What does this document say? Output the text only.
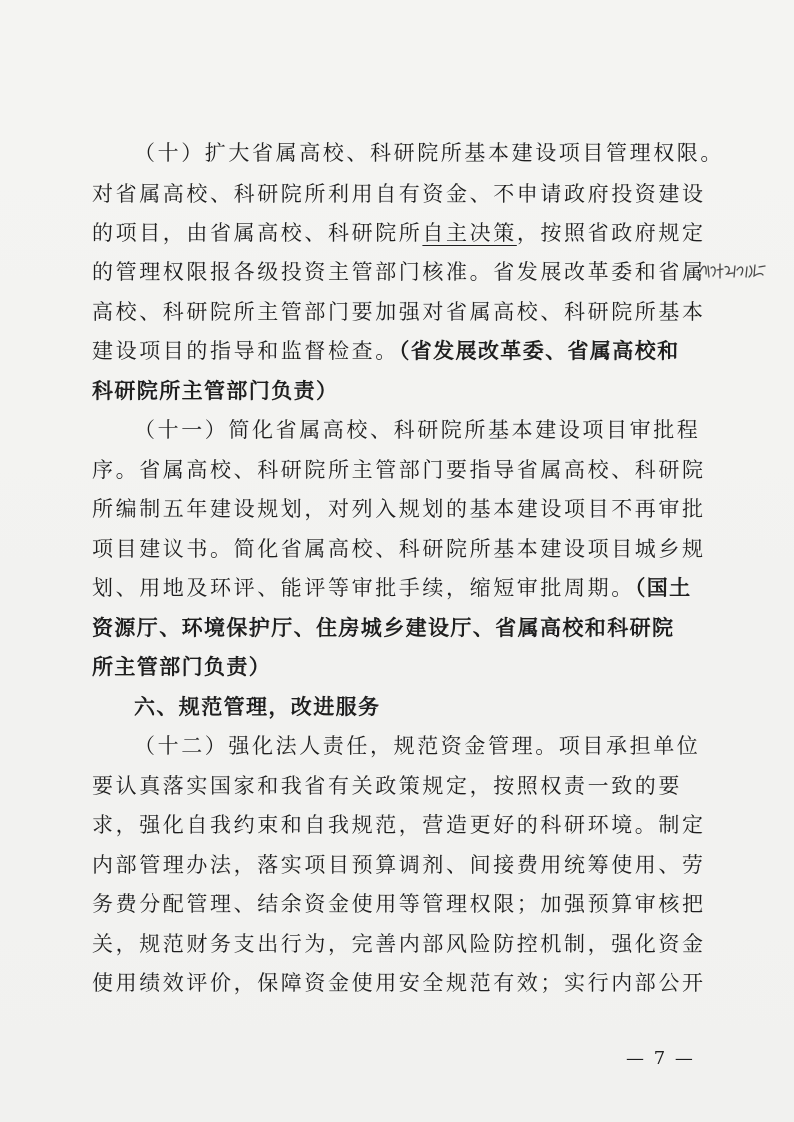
（十）扩大省属高校、科研院所基本建设项目管理权限。
对省属高校、科研院所利用自有资金、不申请政府投资建设
的项目，由省属高校、科研院所自主决策，按照省政府规定
的管理权限报各级投资主管部门核准。省发展改革委和省属
高校、科研院所主管部门要加强对省属高校、科研院所基本
建设项目的指导和监督检查。（省发展改革委、省属高校和
科研院所主管部门负责）
（十一）简化省属高校、科研院所基本建设项目审批程
序。省属高校、科研院所主管部门要指导省属高校、科研院
所编制五年建设规划，对列入规划的基本建设项目不再审批
项目建议书。简化省属高校、科研院所基本建设项目城乡规
划、用地及环评、能评等审批手续，缩短审批周期。（国土
资源厅、环境保护厅、住房城乡建设厅、省属高校和科研院
所主管部门负责）
六、规范管理，改进服务
（十二）强化法人责任，规范资金管理。项目承担单位
要认真落实国家和我省有关政策规定，按照权责一致的要
求，强化自我约束和自我规范，营造更好的科研环境。制定
内部管理办法，落实项目预算调剂、间接费用统筹使用、劳
务费分配管理、结余资金使用等管理权限；加强预算审核把
关，规范财务支出行为，完善内部风险防控机制，强化资金
使用绩效评价，保障资金使用安全规范有效；实行内部公开
— 7 —
